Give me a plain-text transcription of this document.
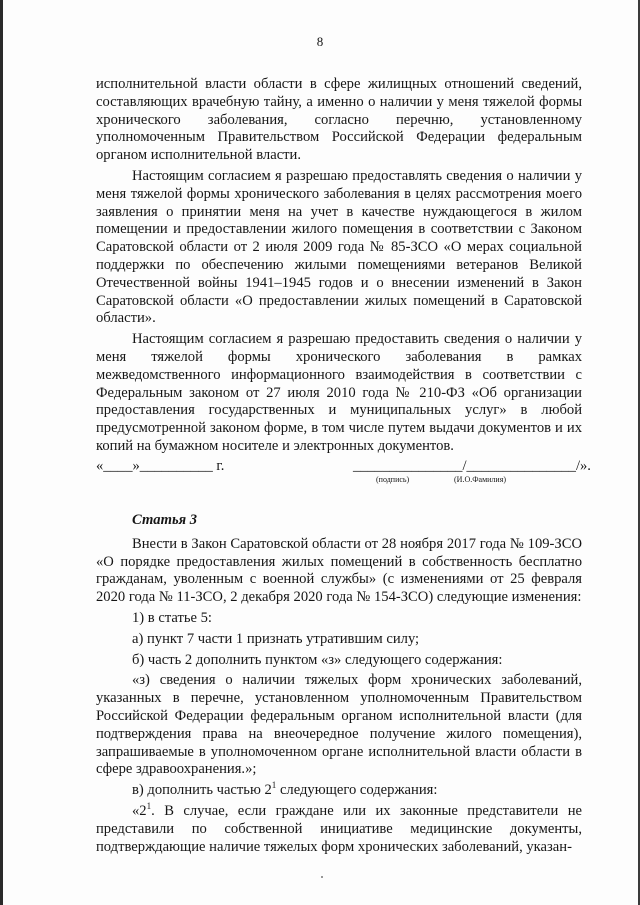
8

исполнительной власти области в сфере жилищных отношений сведений, составляющих врачебную тайну, а именно о наличии у меня тяжелой формы хронического заболевания, согласно перечню, установленному уполномоченным Правительством Российской Федерации федеральным органом исполнительной власти.

Настоящим согласием я разрешаю предоставлять сведения о наличии у меня тяжелой формы хронического заболевания в целях рассмотрения моего заявления о принятии меня на учет в качестве нуждающегося в жилом помещении и предоставлении жилого помещения в соответствии с Законом Саратовской области от 2 июля 2009 года № 85-ЗСО «О мерах социальной поддержки по обеспечению жилыми помещениями ветеранов Великой Отечественной войны 1941–1945 годов и о внесении изменений в Закон Саратовской области «О предоставлении жилых помещений в Саратовской области».

Настоящим согласием я разрешаю предоставить сведения о наличии у меня тяжелой формы хронического заболевания в рамках межведомственного информационного взаимодействия в соответствии с Федеральным законом от 27 июля 2010 года № 210-ФЗ «Об организации предоставления государственных и муниципальных услуг» в любой предусмотренной законом форме, в том числе путем выдачи документов и их копий на бумажном носителе и электронных документов.

«____»__________ г.	_______________/_______________/».
(подпись)	(И.О.Фамилия)

Статья 3

Внести в Закон Саратовской области от 28 ноября 2017 года № 109-ЗСО «О порядке предоставления жилых помещений в собственность бесплатно гражданам, уволенным с военной службы» (с изменениями от 25 февраля 2020 года № 11-ЗСО, 2 декабря 2020 года № 154-ЗСО) следующие изменения:

1) в статье 5:

а) пункт 7 части 1 признать утратившим силу;

б) часть 2 дополнить пунктом «з» следующего содержания:

«з) сведения о наличии тяжелых форм хронических заболеваний, указанных в перечне, установленном уполномоченным Правительством Российской Федерации федеральным органом исполнительной власти (для подтверждения права на внеочередное получение жилого помещения), запрашиваемые в уполномоченном органе исполнительной власти области в сфере здравоохранения.»;

в) дополнить частью $2^1$ следующего содержания:

«$2^1$. В случае, если граждане или их законные представители не представили по собственной инициативе медицинские документы, подтверждающие наличие тяжелых форм хронических заболеваний, указан-
